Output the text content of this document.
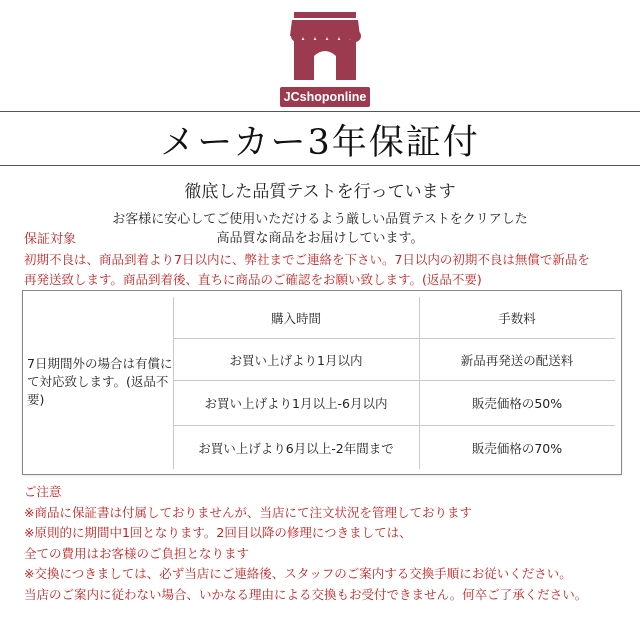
JCshoponline
メーカー3年保証付
徹底した品質テストを行っています
お客様に安心してご使用いただけるよう厳しい品質テストをクリアした
高品質な商品をお届けしています。
保証対象
初期不良は、商品到着より7日以内に、弊社までご連絡を下さい。7日以内の初期不良は無償で新品を
再発送致します。商品到着後、直ちに商品のご確認をお願い致します。(返品不要)
7日期間外の場合は有償にて対応致します。(返品不要)
購入時間	手数料
お買い上げより1月以内	新品再発送の配送料
お買い上げより1月以上-6月以内	販売価格の50%
お買い上げより6月以上-2年間まで	販売価格の70%
ご注意
※商品に保証書は付属しておりませんが、当店にて注文状況を管理しております
※原則的に期間中1回となります。2回目以降の修理につきましては、
全ての費用はお客様のご負担となります
※交換につきましては、必ず当店にご連絡後、スタッフのご案内する交換手順にお従いください。
当店のご案内に従わない場合、いかなる理由による交換もお受付できません。何卒ご了承ください。
